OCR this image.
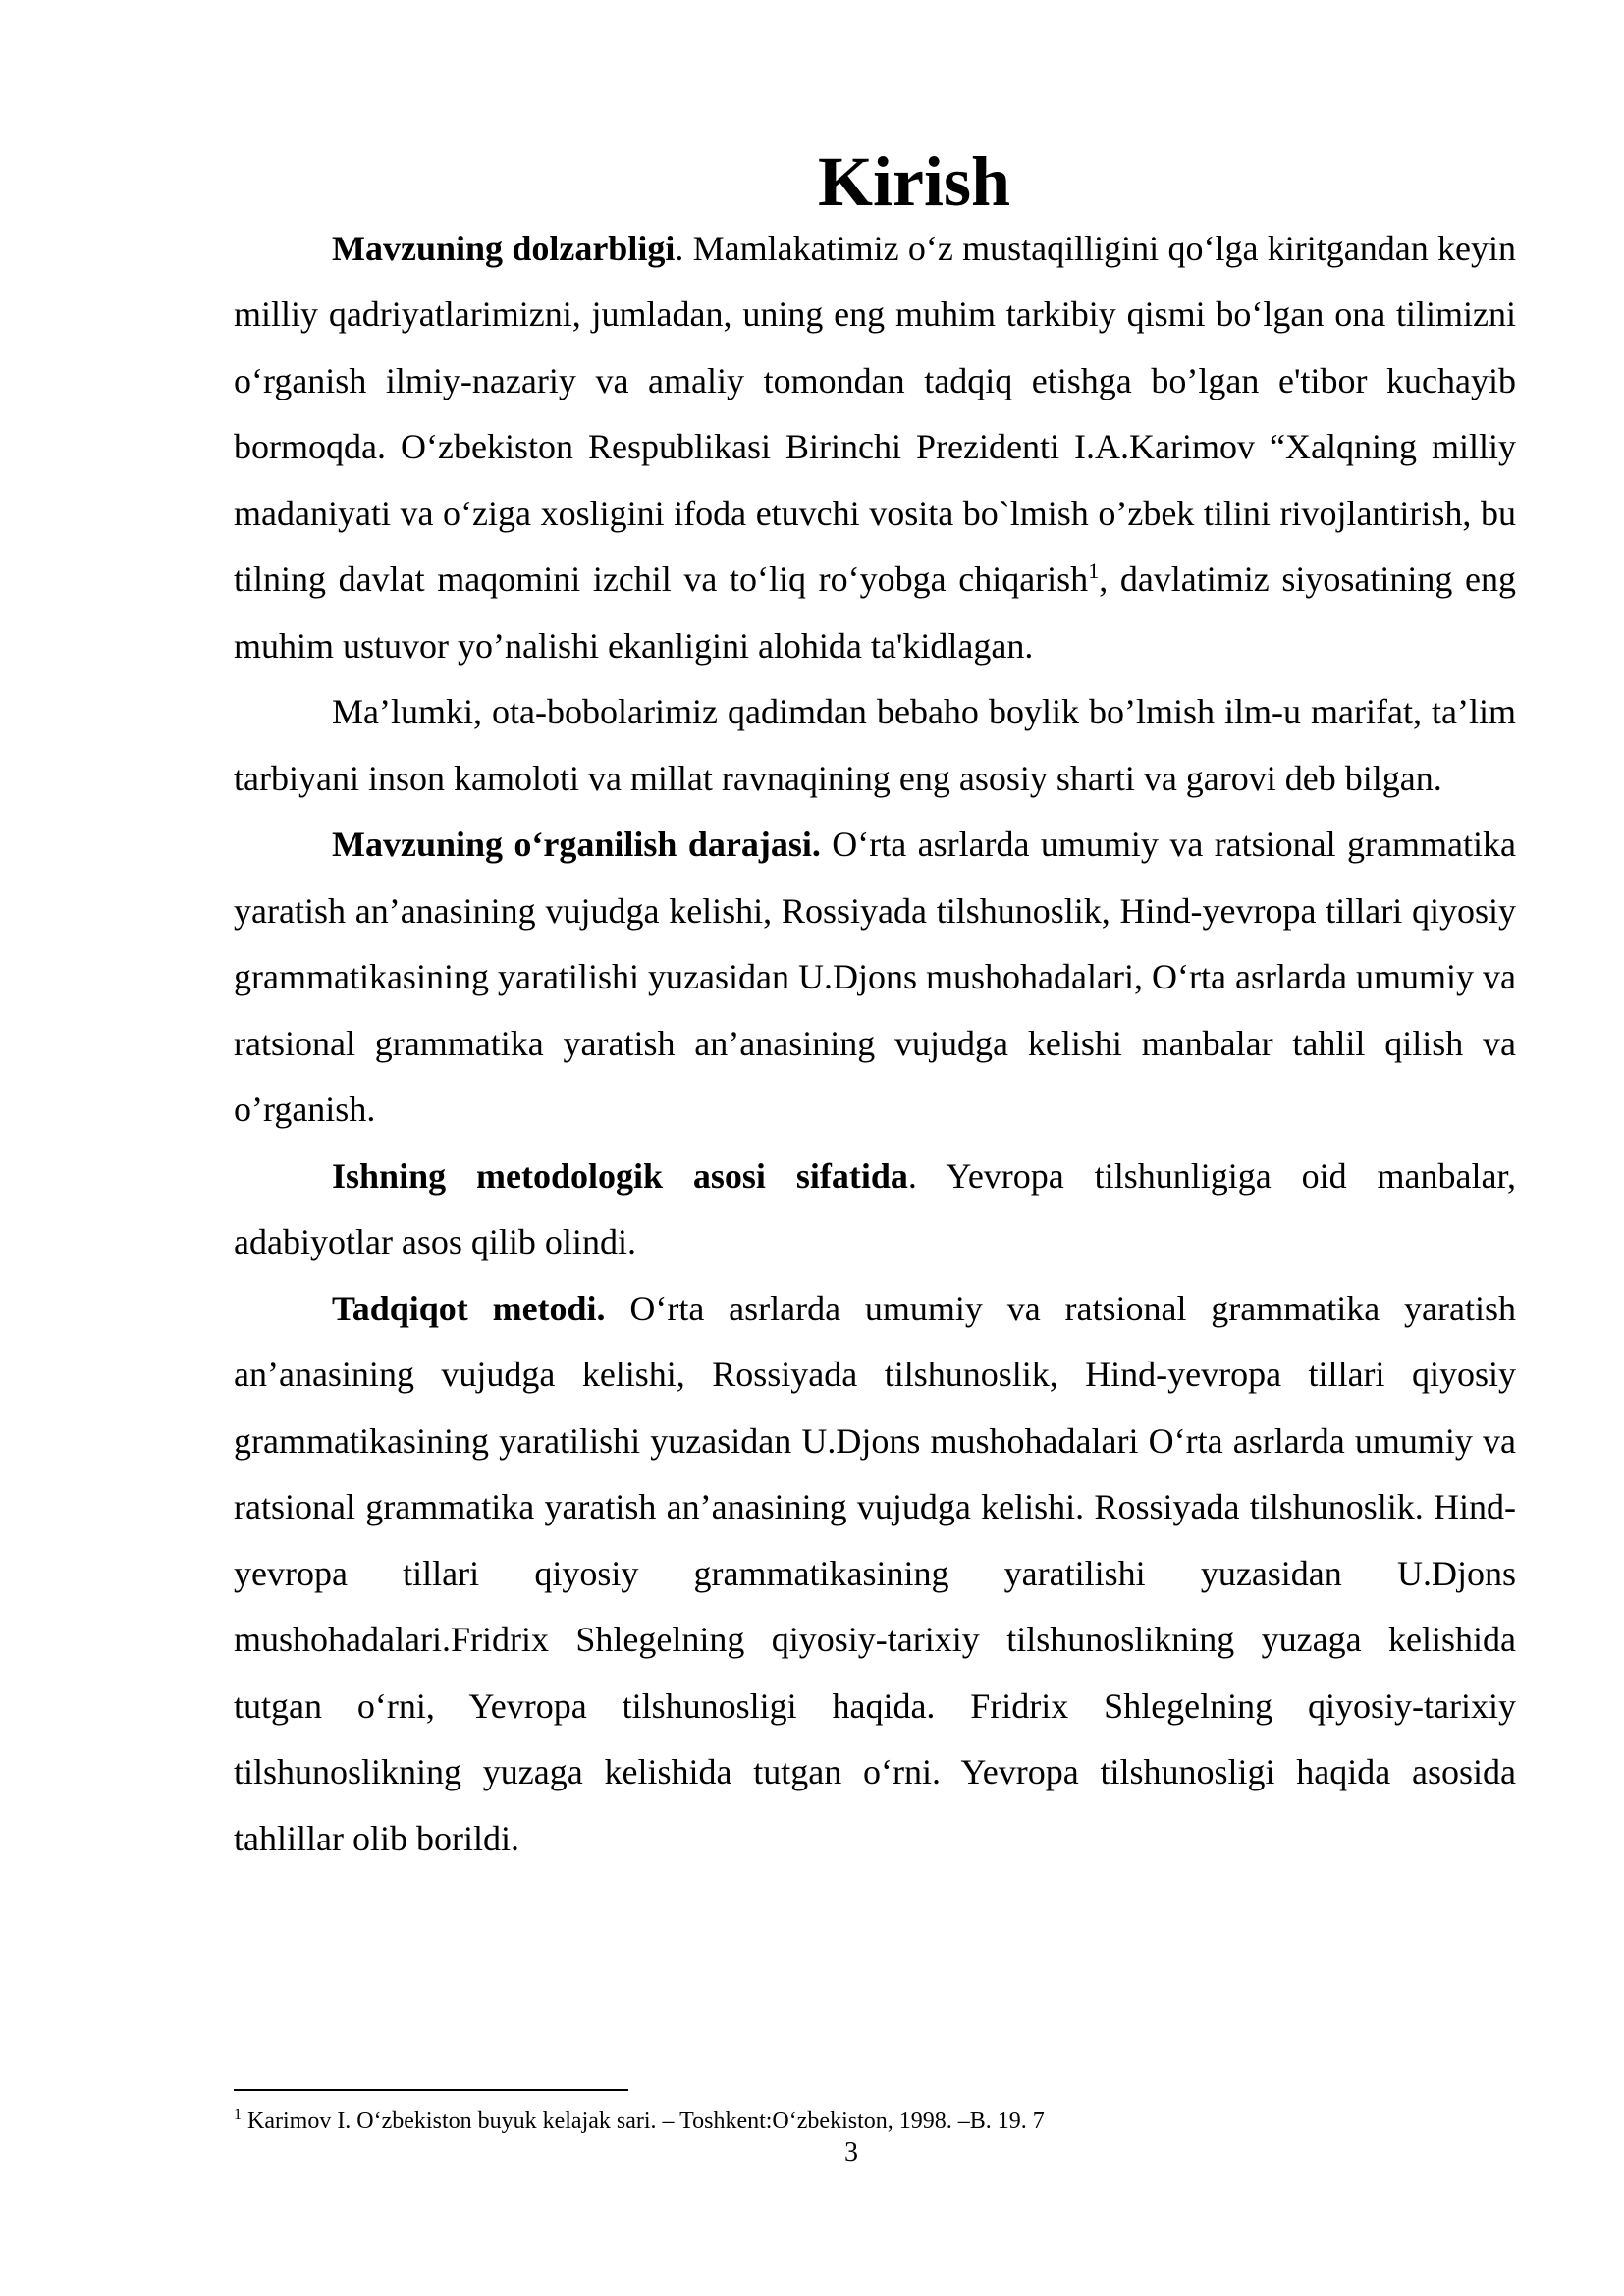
Kirish

Mavzuning dolzarbligi. Mamlakatimiz o‘z mustaqilligini qo‘lga kiritgandan keyin milliy qadriyatlarimizni, jumladan, uning eng muhim tarkibiy qismi bo‘lgan ona tilimizni o‘rganish ilmiy-nazariy va amaliy tomondan tadqiq etishga bo’lgan e'tibor kuchayib bormoqda. O‘zbekiston Respublikasi Birinchi Prezidenti I.A.Karimov “Xalqning milliy madaniyati va o‘ziga xosligini ifoda etuvchi vosita bo`lmish o’zbek tilini rivojlantirish, bu tilning davlat maqomini izchil va to‘liq ro‘yobga chiqarish$^1$, davlatimiz siyosatining eng muhim ustuvor yo’nalishi ekanligini alohida ta'kidlagan.

Ma’lumki, ota-bobolarimiz qadimdan bebaho boylik bo’lmish ilm-u marifat, ta’lim tarbiyani inson kamoloti va millat ravnaqining eng asosiy sharti va garovi deb bilgan.

Mavzuning o‘rganilish darajasi. O‘rta asrlarda umumiy va ratsional grammatika yaratish an’anasining vujudga kelishi, Rossiyada tilshunoslik, Hind-yevropa tillari qiyosiy grammatikasining yaratilishi yuzasidan U.Djons mushohadalari, O‘rta asrlarda umumiy va ratsional grammatika yaratish an’anasining vujudga kelishi manbalar tahlil qilish va o’rganish.

Ishning metodologik asosi sifatida. Yevropa tilshunligiga oid manbalar, adabiyotlar asos qilib olindi.

Tadqiqot metodi. O‘rta asrlarda umumiy va ratsional grammatika yaratish an’anasining vujudga kelishi, Rossiyada tilshunoslik, Hind-yevropa tillari qiyosiy grammatikasining yaratilishi yuzasidan U.Djons mushohadalari O‘rta asrlarda umumiy va ratsional grammatika yaratish an’anasining vujudga kelishi. Rossiyada tilshunoslik. Hind-yevropa tillari qiyosiy grammatikasining yaratilishi yuzasidan U.Djons mushohadalari.Fridrix Shlegelning qiyosiy-tarixiy tilshunoslikning yuzaga kelishida tutgan o‘rni, Yevropa tilshunosligi haqida. Fridrix Shlegelning qiyosiy-tarixiy tilshunoslikning yuzaga kelishida tutgan o‘rni. Yevropa tilshunosligi haqida asosida tahlillar olib borildi.

$^1$ Karimov I. O‘zbekiston buyuk kelajak sari. – Toshkent:O‘zbekiston, 1998. –B. 19. 7

3
